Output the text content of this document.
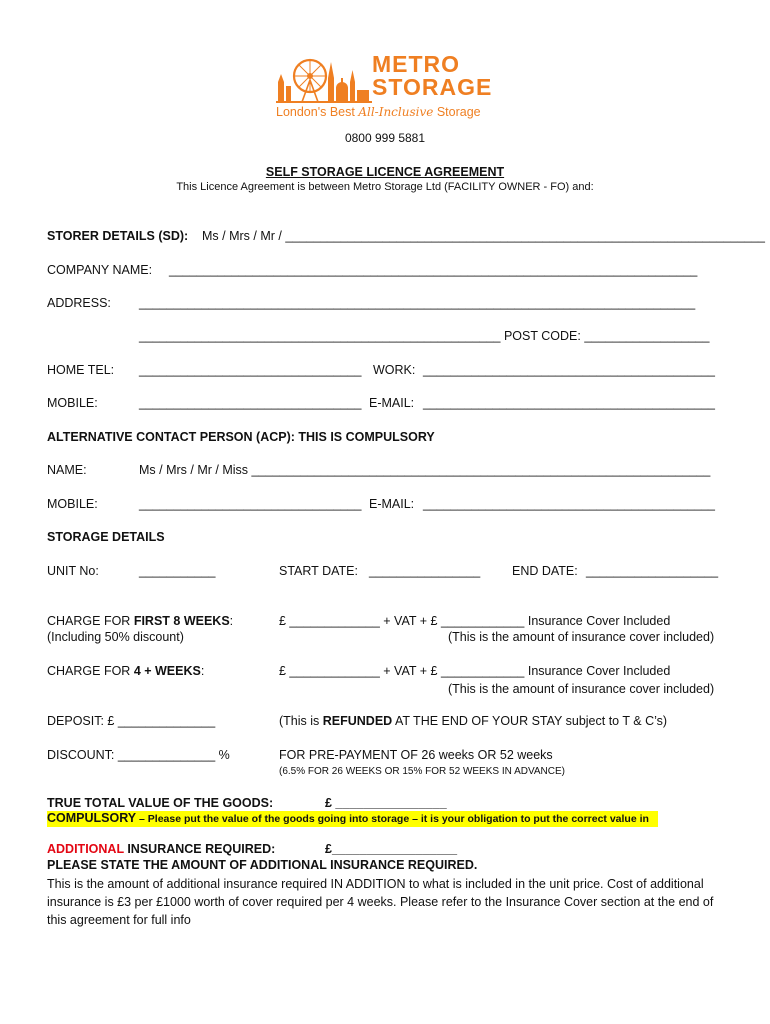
METRO
STORAGE
London's Best All-Inclusive Storage
0800 999 5881
SELF STORAGE LICENCE AGREEMENT
This Licence Agreement is between Metro Storage Ltd (FACILITY OWNER - FO) and:
STORER DETAILS (SD): Ms / Mrs / Mr / _____________________________________________________________________
COMPANY NAME: ____________________________________________________________________________
ADDRESS: ________________________________________________________________________________
____________________________________________________ POST CODE: __________________
HOME TEL: ________________________________ WORK: __________________________________________
MOBILE:	________________________________ E-MAIL: __________________________________________
ALTERNATIVE CONTACT PERSON (ACP): THIS IS COMPULSORY
NAME:	Ms / Mrs / Mr / Miss __________________________________________________________________
MOBILE:	________________________________ E-MAIL: __________________________________________
STORAGE DETAILS
UNIT No:	___________	START DATE: ________________	END DATE: ___________________
CHARGE FOR FIRST 8 WEEKS:
(Including 50% discount)
£ _____________ + VAT + £ ____________ Insurance Cover Included
(This is the amount of insurance cover included)
CHARGE FOR 4 + WEEKS:	£ _____________ + VAT + £ ____________ Insurance Cover Included
(This is the amount of insurance cover included)
DEPOSIT: £ ______________	(This is REFUNDED AT THE END OF YOUR STAY subject to T & C’s)
DISCOUNT: ______________ %	FOR PRE-PAYMENT OF 26 weeks OR 52 weeks
(6.5% FOR 26 WEEKS OR 15% FOR 52 WEEKS IN ADVANCE)
TRUE TOTAL VALUE OF THE GOODS:	£ ________________
COMPULSORY – Please put the value of the goods going into storage – it is your obligation to put the correct value in
ADDITIONAL INSURANCE REQUIRED:	£__________________
PLEASE STATE THE AMOUNT OF ADDITIONAL INSURANCE REQUIRED.
This is the amount of additional insurance required IN ADDITION to what is included in the unit price. Cost of additional insurance is £3 per £1000 worth of cover required per 4 weeks. Please refer to the Insurance Cover section at the end of this agreement for full info
